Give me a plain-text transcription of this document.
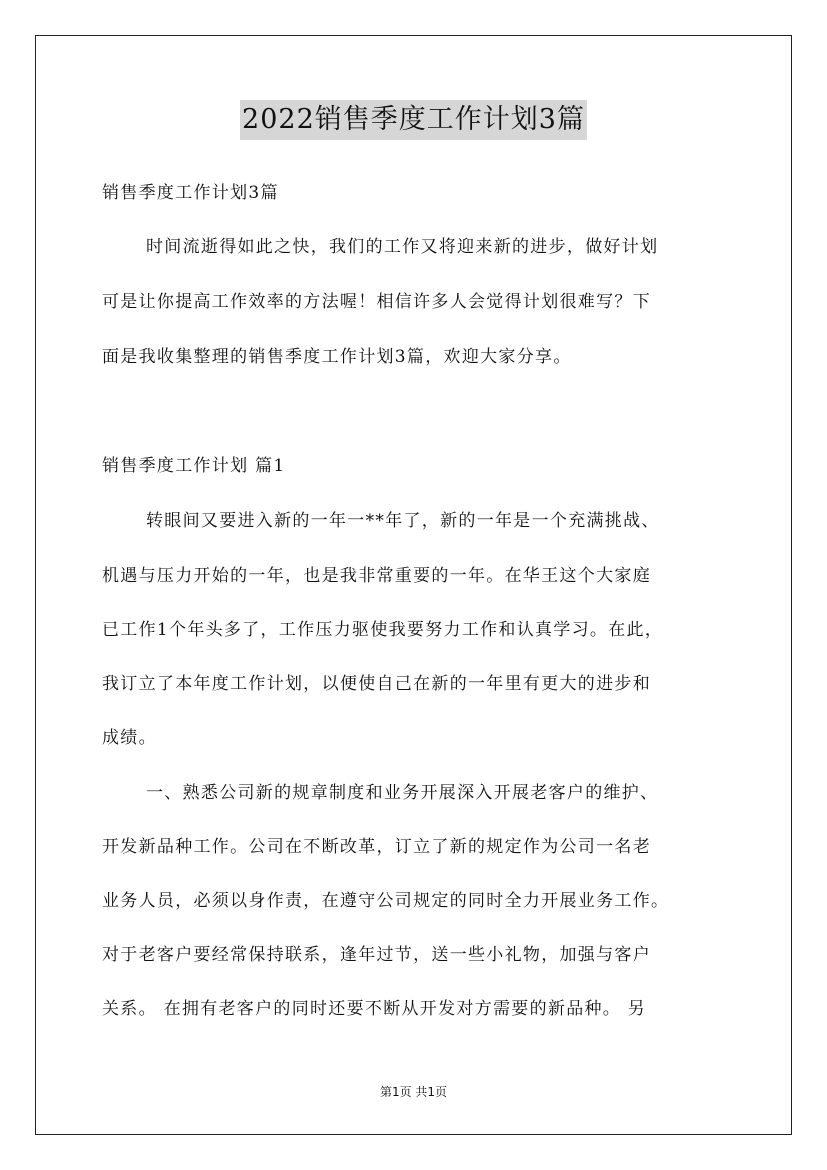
2022销售季度工作计划3篇
销售季度工作计划3篇
时间流逝得如此之快，我们的工作又将迎来新的进步，做好计划
可是让你提高工作效率的方法喔！相信许多人会觉得计划很难写？下
面是我收集整理的销售季度工作计划3篇，欢迎大家分享。
销售季度工作计划 篇1
转眼间又要进入新的一年一**年了，新的一年是一个充满挑战、
机遇与压力开始的一年，也是我非常重要的一年。在华王这个大家庭
已工作1个年头多了，工作压力驱使我要努力工作和认真学习。在此，
我订立了本年度工作计划，以便使自己在新的一年里有更大的进步和
成绩。
一、熟悉公司新的规章制度和业务开展深入开展老客户的维护、
开发新品种工作。公司在不断改革，订立了新的规定作为公司一名老
业务人员，必须以身作责，在遵守公司规定的同时全力开展业务工作。
对于老客户要经常保持联系，逢年过节，送一些小礼物，加强与客户
关系。 在拥有老客户的同时还要不断从开发对方需要的新品种。 另
第1页 共1页
